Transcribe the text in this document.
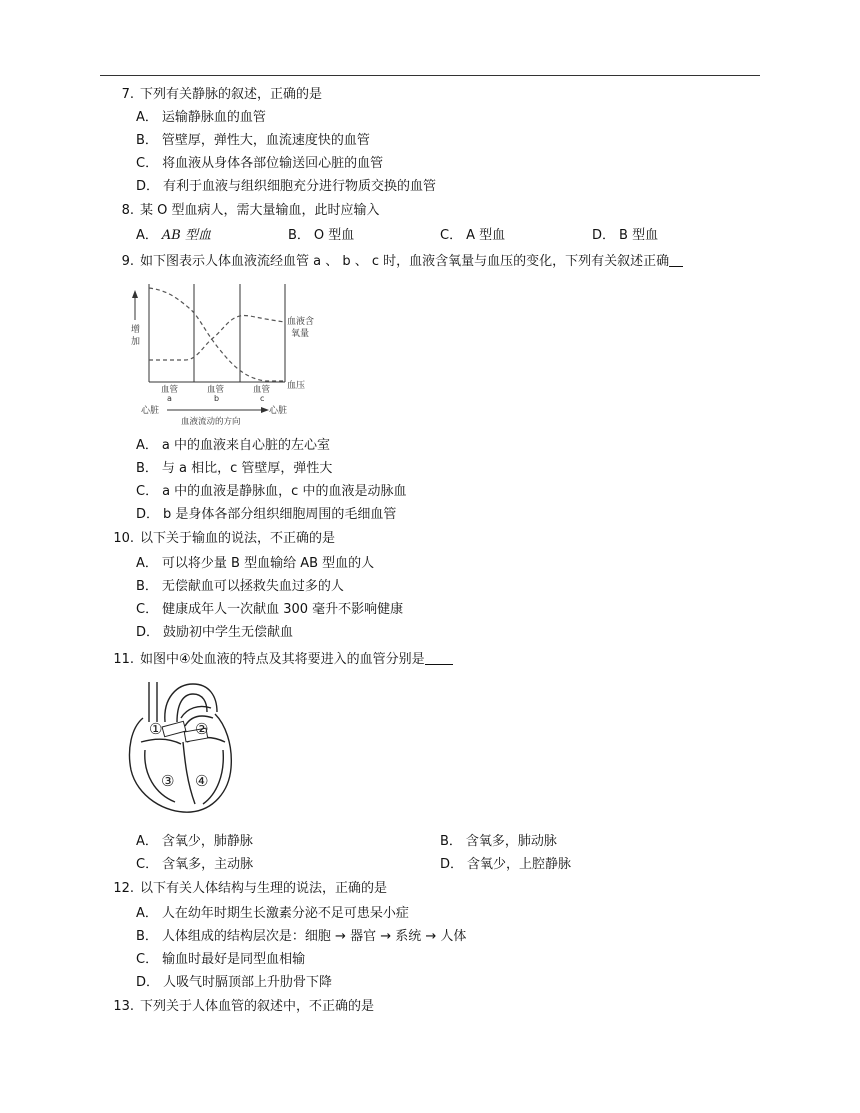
7. 下列有关静脉的叙述，正确的是
A． 运输静脉血的血管
B． 管壁厚，弹性大，血流速度快的血管
C． 将血液从身体各部位输送回心脏的血管
D． 有利于血液与组织细胞充分进行物质交换的血管
8. 某 O 型血病人，需大量输血，此时应输入
A． AB 型血	B． O 型血	C． A 型血	D． B 型血
9. 如下图表示人体血液流经血管 a 、 b 、 c 时，血液含氧量与血压的变化，下列有关叙述正确
增
加
血液含
氧量
血压
血管
a
血管
b
血管
c
心脏	心脏
血液流动的方向
A． a 中的血液来自心脏的左心室
B． 与 a 相比，c 管壁厚，弹性大
C． a 中的血液是静脉血，c 中的血液是动脉血
D． b 是身体各部分组织细胞周围的毛细血管
10. 以下关于输血的说法，不正确的是
A． 可以将少量 B 型血输给 AB 型血的人
B． 无偿献血可以拯救失血过多的人
C． 健康成年人一次献血 300 毫升不影响健康
D． 鼓励初中学生无偿献血
11. 如图中④处血液的特点及其将要进入的血管分别是
① ②
③ ④
A． 含氧少，肺静脉	B． 含氧多，肺动脉
C． 含氧多，主动脉	D． 含氧少，上腔静脉
12. 以下有关人体结构与生理的说法，正确的是
A． 人在幼年时期生长激素分泌不足可患呆小症
B． 人体组成的结构层次是：细胞 → 器官 → 系统 → 人体
C． 输血时最好是同型血相输
D． 人吸气时膈顶部上升肋骨下降
13. 下列关于人体血管的叙述中，不正确的是
